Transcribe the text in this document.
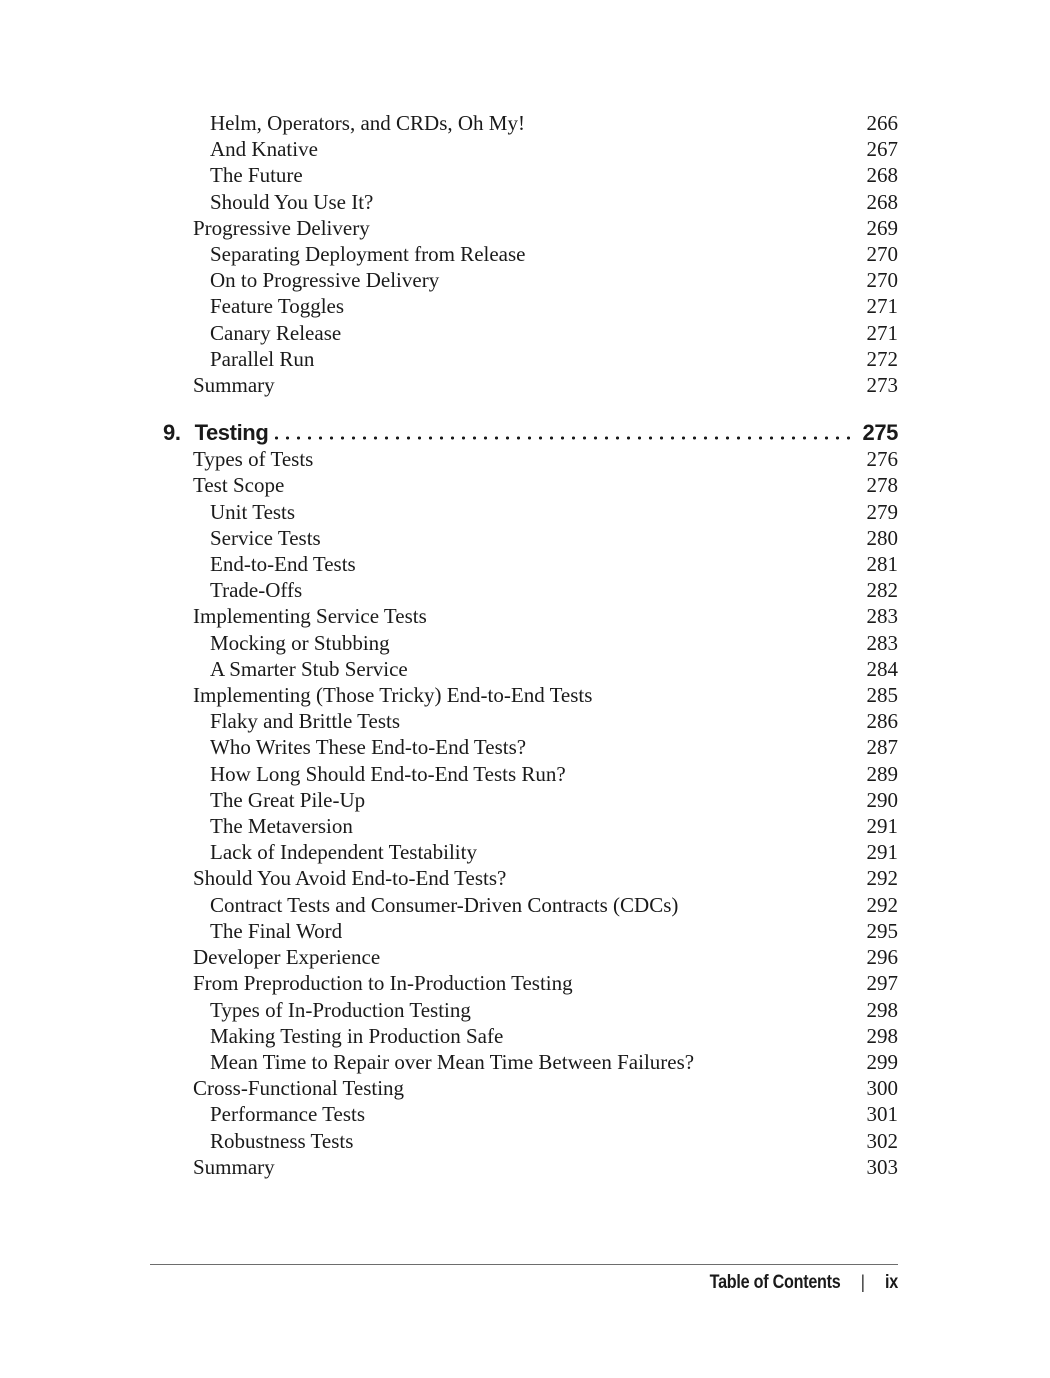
Helm, Operators, and CRDs, Oh My!	266
And Knative	267
The Future	268
Should You Use It?	268
Progressive Delivery	269
Separating Deployment from Release	270
On to Progressive Delivery	270
Feature Toggles	271
Canary Release	271
Parallel Run	272
Summary	273
9. Testing	275
Types of Tests	276
Test Scope	278
Unit Tests	279
Service Tests	280
End-to-End Tests	281
Trade-Offs	282
Implementing Service Tests	283
Mocking or Stubbing	283
A Smarter Stub Service	284
Implementing (Those Tricky) End-to-End Tests	285
Flaky and Brittle Tests	286
Who Writes These End-to-End Tests?	287
How Long Should End-to-End Tests Run?	289
The Great Pile-Up	290
The Metaversion	291
Lack of Independent Testability	291
Should You Avoid End-to-End Tests?	292
Contract Tests and Consumer-Driven Contracts (CDCs)	292
The Final Word	295
Developer Experience	296
From Preproduction to In-Production Testing	297
Types of In-Production Testing	298
Making Testing in Production Safe	298
Mean Time to Repair over Mean Time Between Failures?	299
Cross-Functional Testing	300
Performance Tests	301
Robustness Tests	302
Summary	303
Table of Contents | ix
